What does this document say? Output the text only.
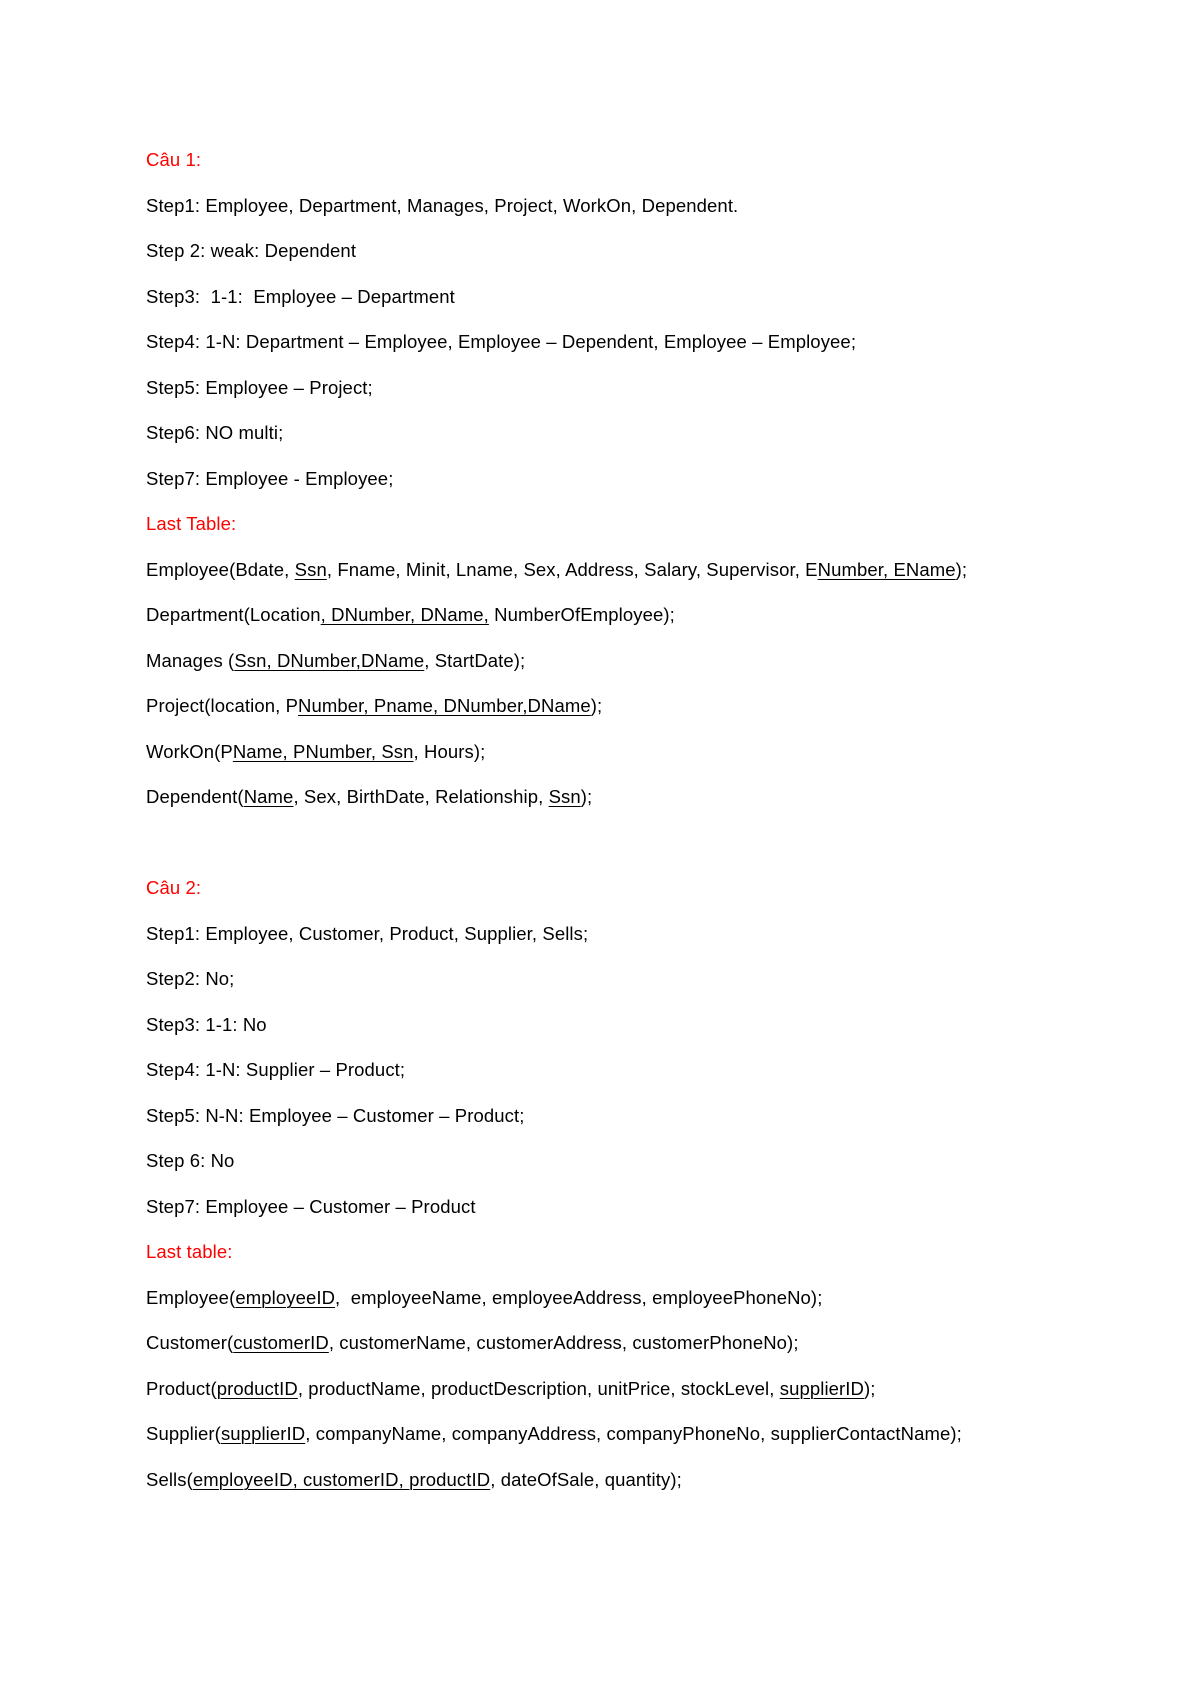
Câu 1:
Step1: Employee, Department, Manages, Project, WorkOn, Dependent.
Step 2: weak: Dependent
Step3:  1-1:  Employee – Department
Step4: 1-N: Department – Employee, Employee – Dependent, Employee – Employee;
Step5: Employee – Project;
Step6: NO multi;
Step7: Employee - Employee;
Last Table:
Employee(Bdate, Ssn, Fname, Minit, Lname, Sex, Address, Salary, Supervisor, ENumber, EName);
Department(Location, DNumber, DName, NumberOfEmployee);
Manages (Ssn, DNumber,DName, StartDate);
Project(location, PNumber, Pname, DNumber,DName);
WorkOn(PName, PNumber, Ssn, Hours);
Dependent(Name, Sex, BirthDate, Relationship, Ssn);
Câu 2:
Step1: Employee, Customer, Product, Supplier, Sells;
Step2: No;
Step3: 1-1: No
Step4: 1-N: Supplier – Product;
Step5: N-N: Employee – Customer – Product;
Step 6: No
Step7: Employee – Customer – Product
Last table:
Employee(employeeID,  employeeName, employeeAddress, employeePhoneNo);
Customer(customerID, customerName, customerAddress, customerPhoneNo);
Product(productID, productName, productDescription, unitPrice, stockLevel, supplierID);
Supplier(supplierID, companyName, companyAddress, companyPhoneNo, supplierContactName);
Sells(employeeID, customerID, productID, dateOfSale, quantity);
